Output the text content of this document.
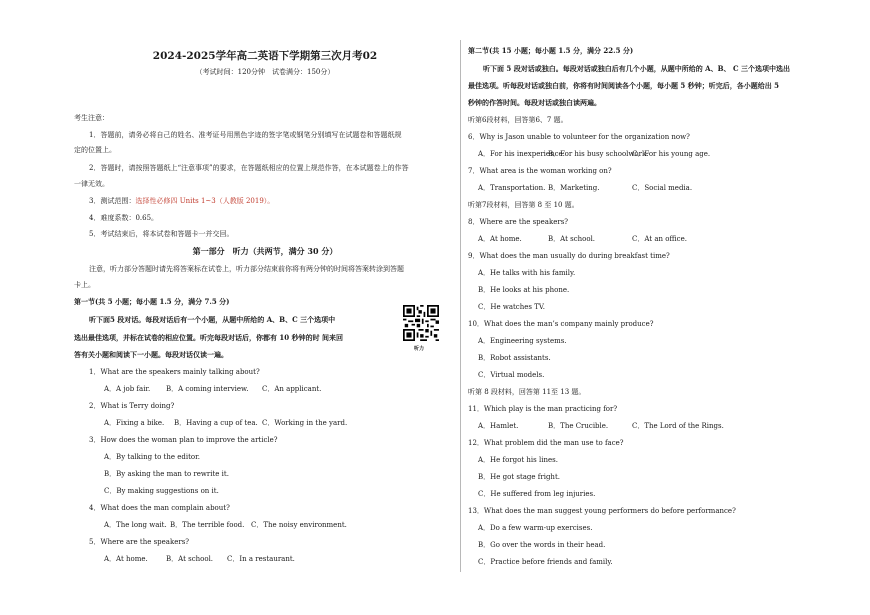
2024-2025学年高二英语下学期第三次月考02
（考试时间：120分钟　试卷满分：150分）
考生注意：
1．答题前，请务必将自己的姓名、准考证号用黑色字迹的签字笔或钢笔分别填写在试题卷和答题纸规
定的位置上。
2．答题时，请按照答题纸上“注意事项”的要求，在答题纸相应的位置上规范作答，在本试题卷上的作答
一律无效。
3．测试范围：选择性必修四 Units 1~3（人教版 2019）。
4．难度系数：0.65。
5．考试结束后，将本试卷和答题卡一并交回。
第一部分　听力（共两节，满分 30 分）
注意，听力部分答题时请先将答案标在试卷上，听力部分结束前你将有两分钟的时间将答案转涂到答题
卡上。
第一节(共 5 小题；每小题 1.5 分，满分 7.5 分)
听下面5 段对话。每段对话后有一个小题，从题中所给的 A、B、C 三个选项中
选出最佳选项，并标在试卷的相应位置。听完每段对话后，你都有 10 秒钟的时 间来回
答有关小题和阅读下一小题。每段对话仅读一遍。
听力
1．What are the speakers mainly talking about?
A．A job fair. B．A coming interview. C．An applicant.
2．What is Terry doing?
A．Fixing a bike. B．Having a cup of tea. C．Working in the yard.
3．How does the woman plan to improve the article?
A．By talking to the editor.
B．By asking the man to rewrite it.
C．By making suggestions on it.
4．What does the man complain about?
A．The long wait. B．The terrible food. C．The noisy environment.
5．Where are the speakers?
A．At home.	B．At school. C．In a restaurant.
第二节(共 15 小题；每小题 1.5 分，满分 22.5 分)
听下面 5 段对话或独白。每段对话或独白后有几个小题，从题中所给的 A、B、 C 三个选项中选出
最佳选项。听每段对话或独白前，你将有时间阅读各个小题，每小题 5 秒钟；听完后，各小题给出 5
秒钟的作答时间。每段对话或独白读两遍。
听第6段材料，回答第6、7 题。
6．Why is Jason unable to volunteer for the organization now?
A．For his inexperience.
B．For his busy schoolwork.
C．For his young age.
7．What area is the woman working on?
A．Transportation. B．Marketing.	C．Social media.
听第7段材料，回答第 8 至 10 题。
8．Where are the speakers?
A．At home.	B．At school.	C．At an office.
9．What does the man usually do during breakfast time?
A．He talks with his family.
B．He looks at his phone.
C．He watches TV.
10．What does the man’s company mainly produce?
A．Engineering systems.
B．Robot assistants.
C．Virtual models.
听第 8 段材料，回答第 11至 13 题。
11．Which play is the man practicing for?
A．Hamlet.	B．The Crucible.	C．The Lord of the Rings.
12．What problem did the man use to face?
A．He forgot his lines.
B．He got stage fright.
C．He suffered from leg injuries.
13．What does the man suggest young performers do before performance?
A．Do a few warm-up exercises.
B．Go over the words in their head.
C．Practice before friends and family.
